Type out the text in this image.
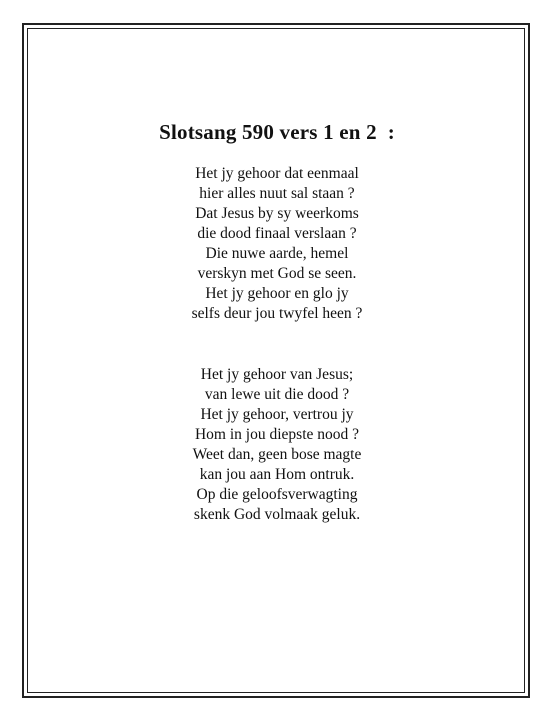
Slotsang 590 vers 1 en 2  :
Het jy gehoor dat eenmaal
hier alles nuut sal staan ?
Dat Jesus by sy weerkoms
die dood finaal verslaan ?
Die nuwe aarde, hemel
verskyn met God se seen.
Het jy gehoor en glo jy
selfs deur jou twyfel heen ?
Het jy gehoor van Jesus;
van lewe uit die dood ?
Het jy gehoor, vertrou jy
Hom in jou diepste nood ?
Weet dan, geen bose magte
kan jou aan Hom ontruk.
Op die geloofsverwagting
skenk God volmaak geluk.
